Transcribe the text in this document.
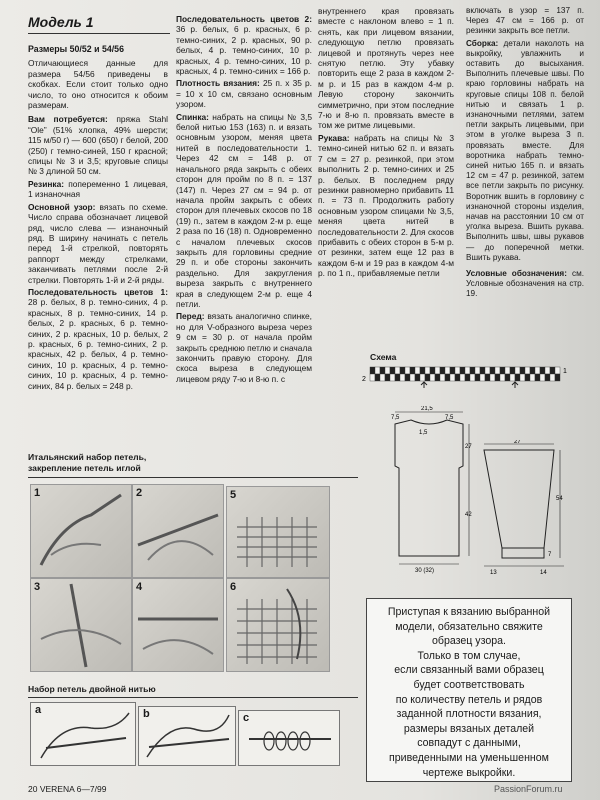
Модель 1

Размеры 50/52 и 54/56

Отличающиеся данные для размера 54/56 приведены в скобках. Если стоит только одно число, то оно относится к обоим размерам.

Вам потребуется: пряжа Stahl “Ole” (51% хлопка, 49% шерсти; 115 м/50 г) — 600 (650) г белой, 200 (250) г темно-синей, 150 г красной; спицы № 3 и 3,5; круговые спицы № 3 длиной 50 см.

Резинка: попеременно 1 лицевая, 1 изнаночная

Основной узор: вязать по схеме. Число справа обозначает лицевой ряд, число слева — изнаночный ряд. В ширину начинать с петель перед 1-й стрелкой, повторять раппорт между стрелками, заканчивать петлями после 2-й стрелки. Повторять 1-й и 2-й ряды.

Последовательность цветов 1: 28 р. белых, 8 р. темно-синих, 4 р. красных, 8 р. темно-синих, 14 р. белых, 2 р. красных, 6 р. темно-синих, 2 р. красных, 10 р. белых, 2 р. красных, 6 р. темно-синих, 2 р. красных, 42 р. белых, 4 р. темно-синих, 10 р. красных, 4 р. темно-синих, 10 р. красных, 4 р. темно-синих, 84 р. белых = 248 р.

Последовательность цветов 2: 36 р. белых, 6 р. красных, 6 р. темно-синих, 2 р. красных, 90 р. белых, 4 р. темно-синих, 10 р. красных, 4 р. темно-синих, 10 р. красных, 4 р. темно-синих = 166 р.

Плотность вязания: 25 п. х 35 р. = 10 х 10 см, связано основным узором.

Спинка: набрать на спицы № 3,5 белой нитью 153 (163) п. и вязать основным узором, меняя цвета нитей в последовательности 1. Через 42 см = 148 р. от начального ряда закрыть с обеих сторон для пройм по 8 п. = 137 (147) п. Через 27 см = 94 р. от начала пройм закрыть с обеих сторон для плечевых скосов по 18 (19) п., затем в каждом 2-м р. еще 2 раза по 16 (18) п. Одновременно с началом плечевых скосов закрыть для горловины средние 29 п. и обе стороны закончить раздельно. Для закругления выреза закрыть с внутреннего края в следующем 2-м р. еще 4 петли.

Перед: вязать аналогично спинке, но для V-образного выреза через 9 см = 30 р. от начала пройм закрыть среднюю петлю и сначала закончить правую сторону. Для скоса выреза в следующем лицевом ряду 7-ю и 8-ю п. с

внутреннего края провязать вместе с наклоном влево = 1 п. снять, как при лицевом вязании, следующую петлю провязать лицевой и протянуть через нее снятую петлю. Эту убавку повторить еще 2 раза в каждом 2-м р. и 15 раз в каждом 4-м р. Левую сторону закончить симметрично, при этом последние 7-ю и 8-ю п. провязать вместе в том же ритме лицевыми.

Рукава: набрать на спицы № 3 темно-синей нитью 62 п. и вязать 7 см = 27 р. резинкой, при этом выполнить 2 р. темно-синих и 25 р. белых. В последнем ряду резинки равномерно прибавить 11 п. = 73 п. Продолжить работу основным узором спицами № 3,5, меняя цвета нитей в последовательности 2. Для скосов прибавить с обеих сторон в 5-м р. от резинки, затем еще 12 раз в каждом 6-м и 19 раз в каждом 4-м р. по 1 п., прибавляемые петли

включать в узор = 137 п. Через 47 см = 166 р. от резинки закрыть все петли.

Сборка: детали наколоть на выкройку, увлажнить и оставить до высыхания. Выполнить плечевые швы. По краю горловины набрать на круговые спицы 108 п. белой нитью и связать 1 р. изнаночными петлями, затем петли закрыть лицевыми, при этом в уголке выреза 3 п. провязать вместе. Для воротника набрать темно-синей нитью 165 п. и вязать 12 см = 47 р. резинкой, затем все петли закрыть по рисунку. Воротник вшить в горловину с изнаночной стороны изделия, начав на расстоянии 10 см от уголка выреза. Вшить рукава. Выполнить швы, швы рукавов — до поперечной метки. Вшить рукава.

Условные обозначения: см. Условные обозначения на стр. 19.

Схема
2
1
21,5
7,5	7,5
1,5
27
42
30 (32)
27
54
7
13	14
Итальянский набор петель,
закрепление петель иглой
1	2	5
3	4	6
Набор петель двойной нитью
a	b	c
Приступая к вязанию выбранной
модели, обязательно свяжите
образец узора.
Только в том случае,
если связанный вами образец
будет соответствовать
по количеству петель и рядов
заданной плотности вязания,
размеры вязаных деталей
совпадут с данными,
приведенными на уменьшенном
чертеже выкройки.
20 VERENA 6—7/99	PassionForum.ru
